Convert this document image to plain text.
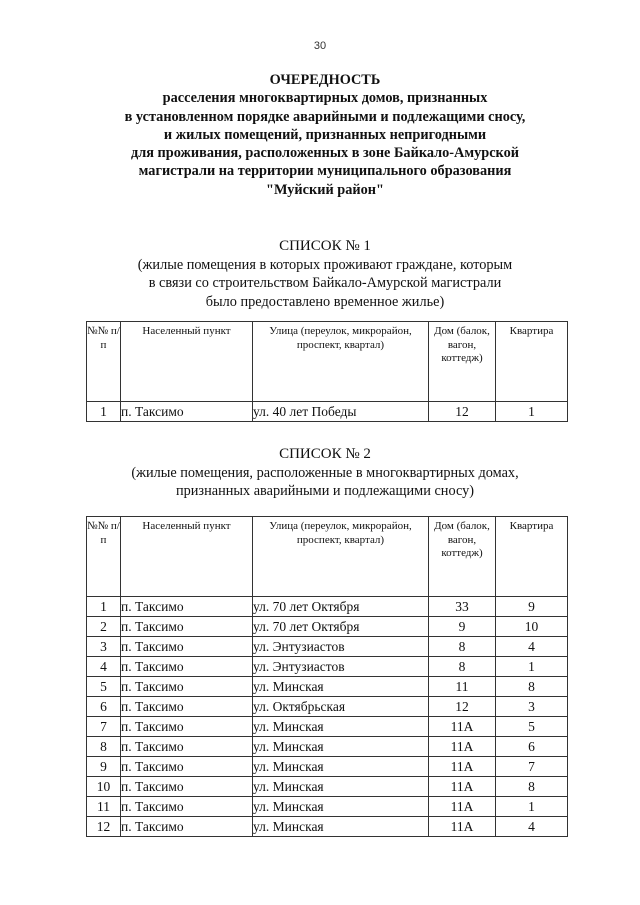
30
ОЧЕРЕДНОСТЬ
расселения многоквартирных домов, признанных
в установленном порядке аварийными и подлежащими сносу,
и жилых помещений, признанных непригодными
для проживания, расположенных в зоне Байкало-Амурской
магистрали на территории муниципального образования
"Муйский район"
СПИСОК № 1
(жилые помещения в которых проживают граждане, которым
в связи со строительством Байкало-Амурской магистрали
было предоставлено временное жилье)
№№ п/п	Населенный пункт	Улица (переулок, микрорайон, проспект, квартал)	Дом (балок, вагон, коттедж)	Квартира
1	п. Таксимо	ул. 40 лет Победы	12	1
СПИСОК № 2
(жилые помещения, расположенные в многоквартирных домах,
признанных аварийными и подлежащими сносу)
№№ п/п	Населенный пункт	Улица (переулок, микрорайон, проспект, квартал)	Дом (балок, вагон, коттедж)	Квартира
1	п. Таксимо	ул. 70 лет Октября	33	9
2	п. Таксимо	ул. 70 лет Октября	9	10
3	п. Таксимо	ул. Энтузиастов	8	4
4	п. Таксимо	ул. Энтузиастов	8	1
5	п. Таксимо	ул. Минская	11	8
6	п. Таксимо	ул. Октябрьская	12	3
7	п. Таксимо	ул. Минская	11А	5
8	п. Таксимо	ул. Минская	11А	6
9	п. Таксимо	ул. Минская	11А	7
10	п. Таксимо	ул. Минская	11А	8
11	п. Таксимо	ул. Минская	11А	1
12	п. Таксимо	ул. Минская	11А	4
